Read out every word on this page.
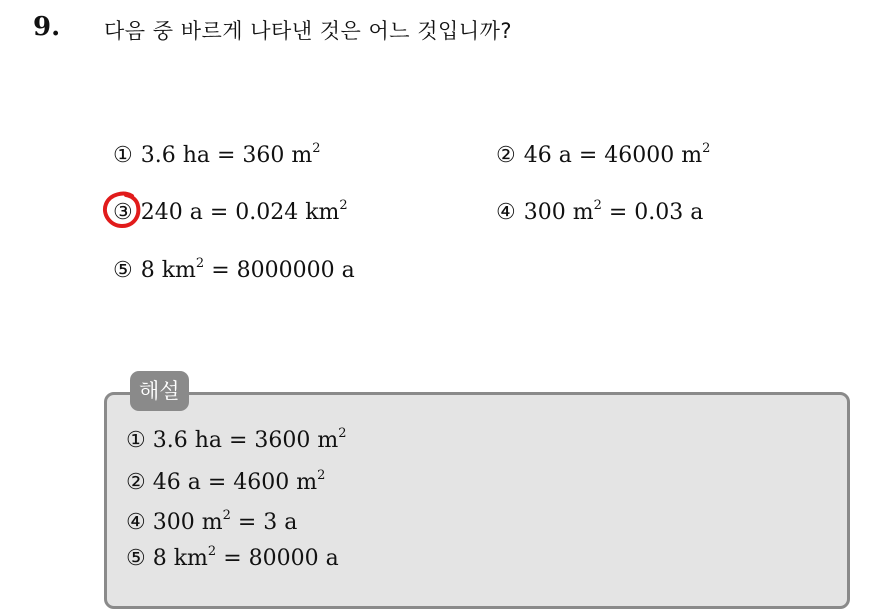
9. 다음 중 바르게 나타낸 것은 어느 것입니까?
① 3.6 ha = 360 $m^2$	② 46 a = 46000 $m^2$
③ 240 a = 0.024 $km^2$	④ 300 $m^2 = 0.03$ a
⑤ 8 $km^2 = 8000000$ a
해설
① 3.6 ha = 3600 $m^2$
② 46 a = 4600 $m^2$
④ 300 $m^2 = 3$ a
⑤ 8 $km^2 = 80000$ a
